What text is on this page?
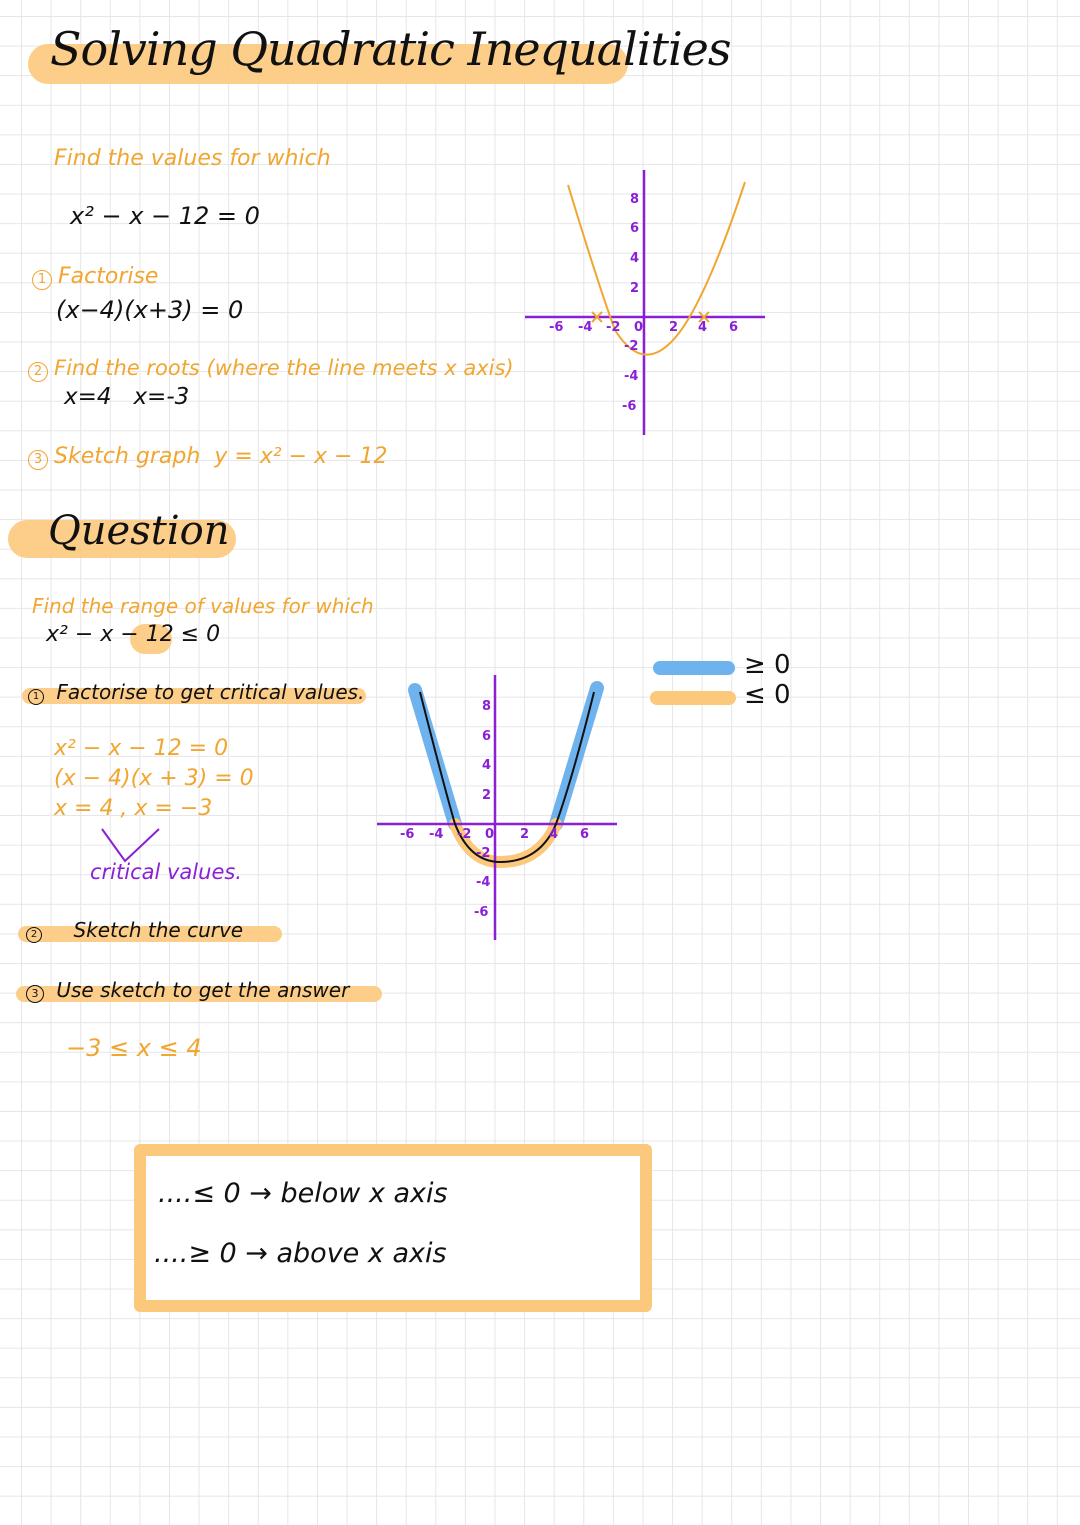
Solving Quadratic Inequalities
Find the values for which
x² − x − 12 = 0
1 Factorise
(x−4)(x+3) = 0
2 Find the roots (where the line meets x axis)
x=4   x=-3
3 Sketch graph y = x² − x − 12
-6 -4 -2 0 2 4 6
8
6
4
2
-2
-4
-6
Question
Find the range of values for which
x² − x − 12 ≤ 0
1 Factorise to get critical values.
x² − x − 12 = 0
(x − 4)(x + 3) = 0
x = 4 , x = −3
critical values.
2 Sketch the curve
3 Use sketch to get the answer
−3 ≤ x ≤ 4
-6 -4 -2 0 2 4 6
8
6
4
2
-2
-4
-6
≥ 0
≤ 0
....≤ 0 → below x axis
....≥ 0 → above x axis
